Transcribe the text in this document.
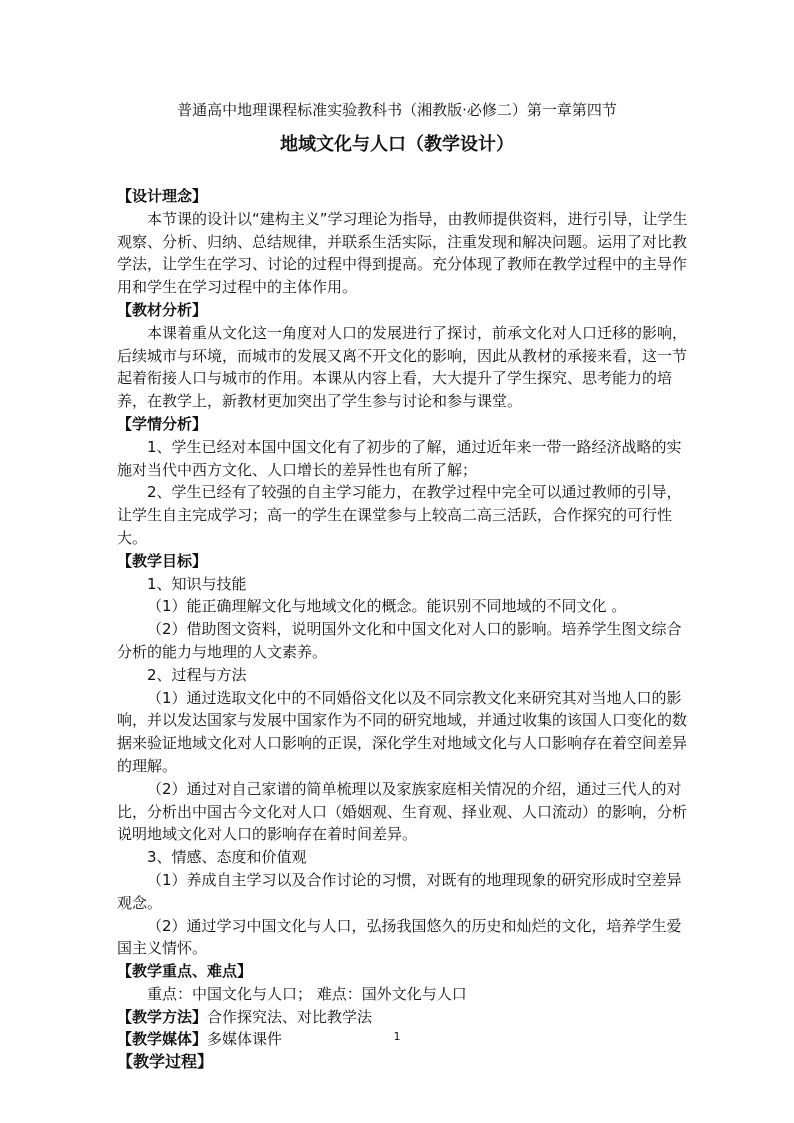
普通高中地理课程标准实验教科书（湘教版·必修二）第一章第四节
地域文化与人口（教学设计）

【设计理念】

本节课的设计以“建构主义”学习理论为指导，由教师提供资料，进行引导，让学生观察、分析、归纳、总结规律，并联系生活实际，注重发现和解决问题。运用了对比教学法，让学生在学习、讨论的过程中得到提高。充分体现了教师在教学过程中的主导作用和学生在学习过程中的主体作用。

【教材分析】

本课着重从文化这一角度对人口的发展进行了探讨，前承文化对人口迁移的影响，后续城市与环境，而城市的发展又离不开文化的影响，因此从教材的承接来看，这一节起着衔接人口与城市的作用。本课从内容上看，大大提升了学生探究、思考能力的培养，在教学上，新教材更加突出了学生参与讨论和参与课堂。

【学情分析】

1、学生已经对本国中国文化有了初步的了解，通过近年来一带一路经济战略的实施对当代中西方文化、人口增长的差异性也有所了解；

2、学生已经有了较强的自主学习能力，在教学过程中完全可以通过教师的引导，让学生自主完成学习；高一的学生在课堂参与上较高二高三活跃，合作探究的可行性大。

【教学目标】

1、知识与技能

（1）能正确理解文化与地域文化的概念。能识别不同地域的不同文化 。

（2）借助图文资料，说明国外文化和中国文化对人口的影响。培养学生图文综合分析的能力与地理的人文素养。

2、过程与方法

（1）通过选取文化中的不同婚俗文化以及不同宗教文化来研究其对当地人口的影响，并以发达国家与发展中国家作为不同的研究地域，并通过收集的该国人口变化的数据来验证地域文化对人口影响的正误，深化学生对地域文化与人口影响存在着空间差异的理解。

（2）通过对自己家谱的简单梳理以及家族家庭相关情况的介绍，通过三代人的对比，分析出中国古今文化对人口（婚姻观、生育观、择业观、人口流动）的影响，分析说明地域文化对人口的影响存在着时间差异。

3、情感、态度和价值观

（1）养成自主学习以及合作讨论的习惯，对既有的地理现象的研究形成时空差异观念。

（2）通过学习中国文化与人口，弘扬我国悠久的历史和灿烂的文化，培养学生爱国主义情怀。

【教学重点、难点】

重点：中国文化与人口； 难点：国外文化与人口

【教学方法】合作探究法、对比教学法

【教学媒体】多媒体课件

【教学过程】

1
